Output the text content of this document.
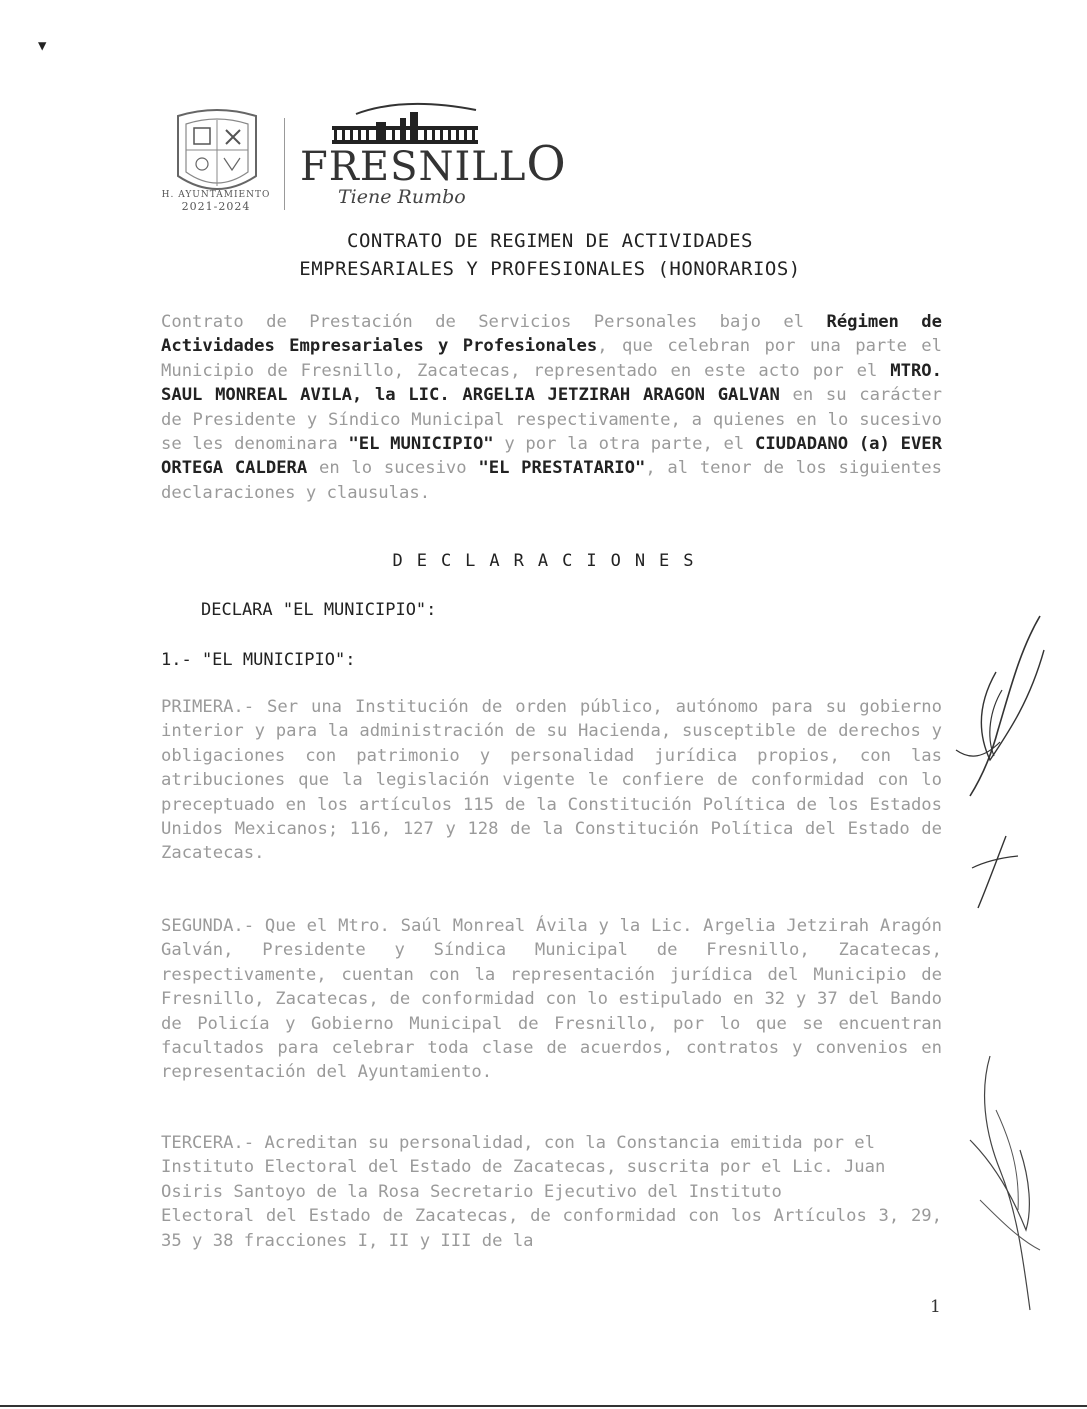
▼
H. AYUNTAMIENTO
2021-2024
FRESNILLO
Tiene Rumbo
CONTRATO DE REGIMEN DE ACTIVIDADES
EMPRESARIALES Y PROFESIONALES (HONORARIOS)
Contrato de Prestación de Servicios Personales bajo el Régimen de Actividades Empresariales y Profesionales, que celebran por una parte el Municipio de Fresnillo, Zacatecas, representado en este acto por el MTRO. SAUL MONREAL AVILA, la LIC. ARGELIA JETZIRAH ARAGON GALVAN en su carácter de Presidente y Síndico Municipal respectivamente, a quienes en lo sucesivo se les denominara "EL MUNICIPIO" y por la otra parte, el CIUDADANO (a) EVER ORTEGA CALDERA en lo sucesivo "EL PRESTATARIO", al tenor de los siguientes declaraciones y clausulas.
DECLARACIONES
DECLARA "EL MUNICIPIO":
1.- "EL MUNICIPIO":
PRIMERA.- Ser una Institución de orden público, autónomo para su gobierno interior y para la administración de su Hacienda, susceptible de derechos y obligaciones con patrimonio y personalidad jurídica propios, con las atribuciones que la legislación vigente le confiere de conformidad con lo preceptuado en los artículos 115 de la Constitución Política de los Estados Unidos Mexicanos; 116, 127 y 128 de la Constitución Política del Estado de Zacatecas.
SEGUNDA.- Que el Mtro. Saúl Monreal Ávila y la Lic. Argelia Jetzirah Aragón Galván, Presidente y Síndica Municipal de Fresnillo, Zacatecas, respectivamente, cuentan con la representación jurídica del Municipio de Fresnillo, Zacatecas, de conformidad con lo estipulado en 32 y 37 del Bando de Policía y Gobierno Municipal de Fresnillo, por lo que se encuentran facultados para celebrar toda clase de acuerdos, contratos y convenios en representación del Ayuntamiento.
TERCERA.- Acreditan su personalidad, con la Constancia emitida por el Instituto Electoral del Estado de Zacatecas, suscrita por el Lic. Juan Osiris Santoyo de la Rosa Secretario Ejecutivo del Instituto
Electoral del Estado de Zacatecas, de conformidad con los Artículos 3, 29, 35 y 38 fracciones I, II y III de la
1
